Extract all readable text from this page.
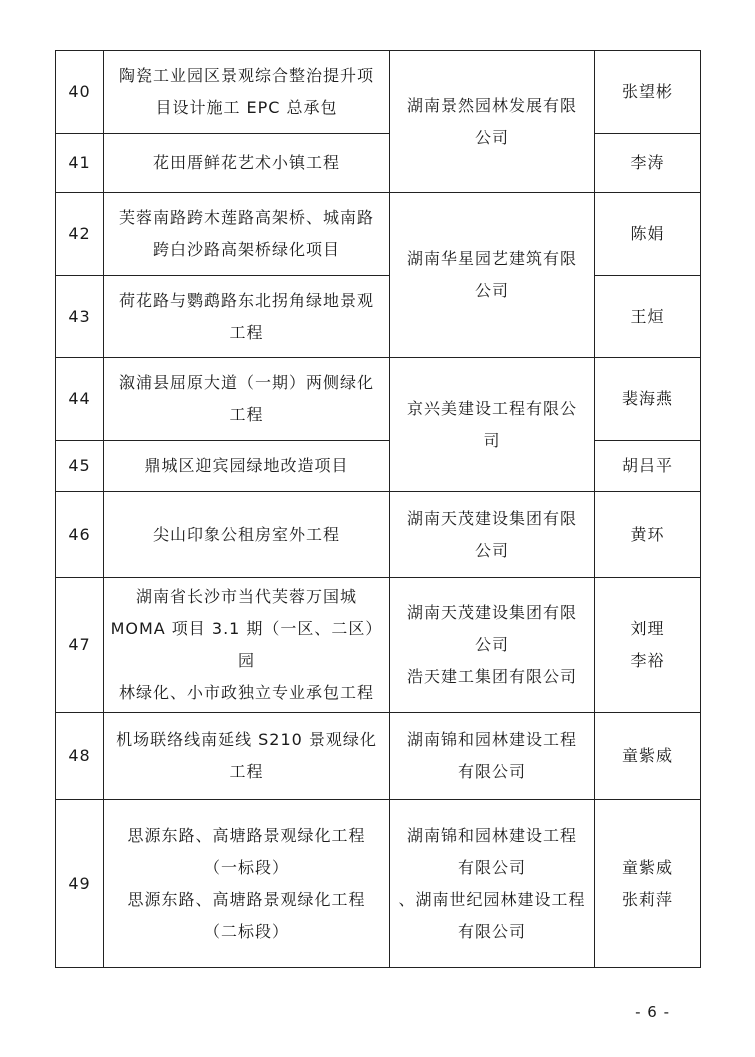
40	陶瓷工业园区景观综合整治提升项
目设计施工 EPC 总承包	湖南景然园林发展有限
公司	张望彬

41	花田厝鲜花艺术小镇工程		李涛

42	芙蓉南路跨木莲路高架桥、城南路
跨白沙路高架桥绿化项目	湖南华星园艺建筑有限
公司	陈娟

43	荷花路与鹦鹉路东北拐角绿地景观
工程		王烜

44	溆浦县屈原大道（一期）两侧绿化
工程	京兴美建设工程有限公
司	裴海燕

45	鼎城区迎宾园绿地改造项目		胡吕平

46	尖山印象公租房室外工程	湖南天茂建设集团有限
公司	黄环

47	湖南省长沙市当代芙蓉万国城
MOMA 项目 3.1 期（一区、二区）园
林绿化、小市政独立专业承包工程	湖南天茂建设集团有限
公司
浩天建工集团有限公司	刘理
李裕

48	机场联络线南延线 S210 景观绿化
工程	湖南锦和园林建设工程
有限公司	童紫威

49	思源东路、高塘路景观绿化工程
（一标段）
思源东路、高塘路景观绿化工程
（二标段）	湖南锦和园林建设工程
有限公司
、湖南世纪园林建设工程
有限公司	童紫威
张莉萍
- 6 -
